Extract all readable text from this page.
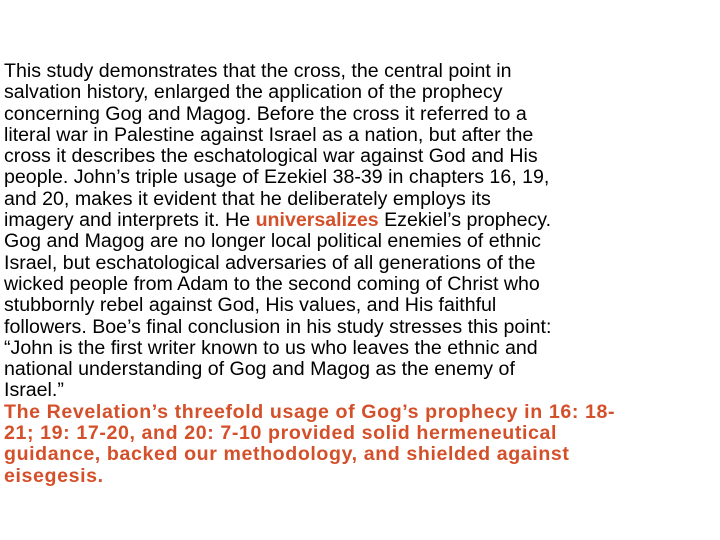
This study demonstrates that the cross, the central point in
salvation history, enlarged the application of the prophecy
concerning Gog and Magog. Before the cross it referred to a
literal war in Palestine against Israel as a nation, but after the
cross it describes the eschatological war against God and His
people. John’s triple usage of Ezekiel 38-39 in chapters 16, 19,
and 20, makes it evident that he deliberately employs its
imagery and interprets it. He universalizes Ezekiel’s prophecy.
Gog and Magog are no longer local political enemies of ethnic
Israel, but eschatological adversaries of all generations of the
wicked people from Adam to the second coming of Christ who
stubbornly rebel against God, His values, and His faithful
followers. Boe’s final conclusion in his study stresses this point:
“John is the first writer known to us who leaves the ethnic and
national understanding of Gog and Magog as the enemy of
Israel.”

The Revelation’s threefold usage of Gog’s prophecy in 16: 18-
21; 19: 17-20, and 20: 7-10 provided solid hermeneutical
guidance, backed our methodology, and shielded against
eisegesis.
